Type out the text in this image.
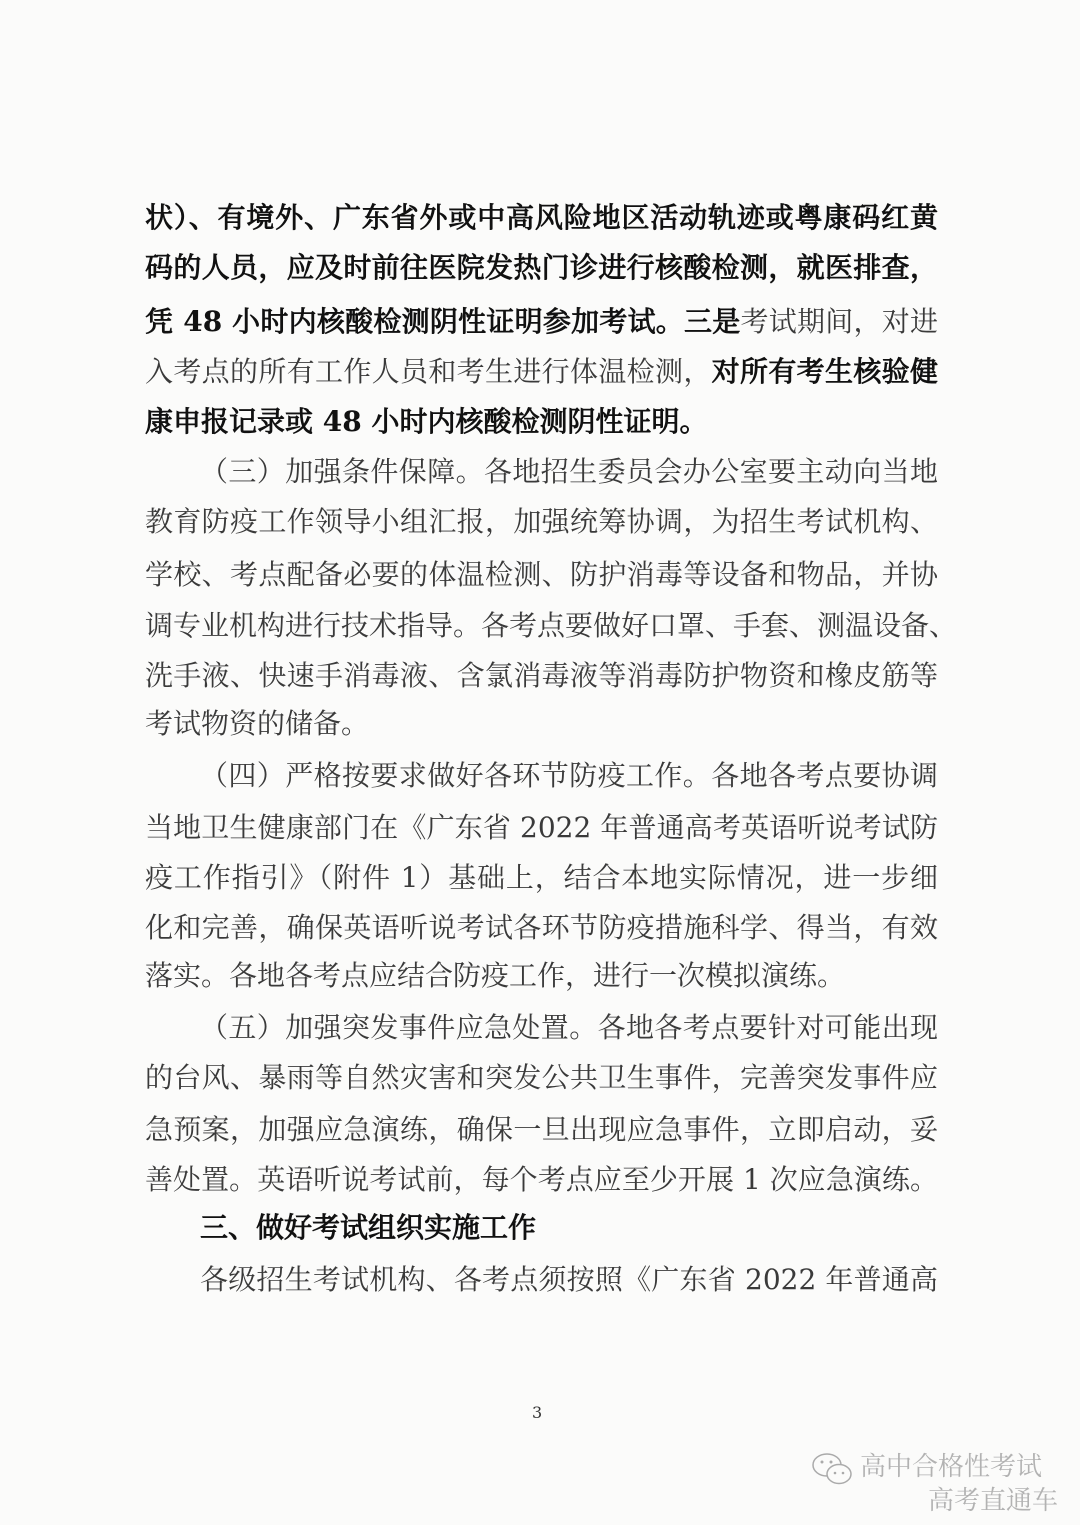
状）、有境外、广东省外或中高风险地区活动轨迹或粤康码红黄
码的人员，应及时前往医院发热门诊进行核酸检测，就医排查，
凭 48 小时内核酸检测阴性证明参加考试。三是考试期间，对进
入考点的所有工作人员和考生进行体温检测，对所有考生核验健
康申报记录或 48 小时内核酸检测阴性证明。
（三）加强条件保障。各地招生委员会办公室要主动向当地
教育防疫工作领导小组汇报，加强统筹协调，为招生考试机构、
学校、考点配备必要的体温检测、防护消毒等设备和物品，并协
调专业机构进行技术指导。各考点要做好口罩、手套、测温设备、
洗手液、快速手消毒液、含氯消毒液等消毒防护物资和橡皮筋等
考试物资的储备。
（四）严格按要求做好各环节防疫工作。各地各考点要协调
当地卫生健康部门在《广东省 2022 年普通高考英语听说考试防
疫工作指引》（附件 1）基础上，结合本地实际情况，进一步细
化和完善，确保英语听说考试各环节防疫措施科学、得当，有效
落实。各地各考点应结合防疫工作，进行一次模拟演练。
（五）加强突发事件应急处置。各地各考点要针对可能出现
的台风、暴雨等自然灾害和突发公共卫生事件，完善突发事件应
急预案，加强应急演练，确保一旦出现应急事件，立即启动，妥
善处置。英语听说考试前，每个考点应至少开展 1 次应急演练。
三、做好考试组织实施工作
各级招生考试机构、各考点须按照《广东省 2022 年普通高
3
高中合格性考试
高考直通车
